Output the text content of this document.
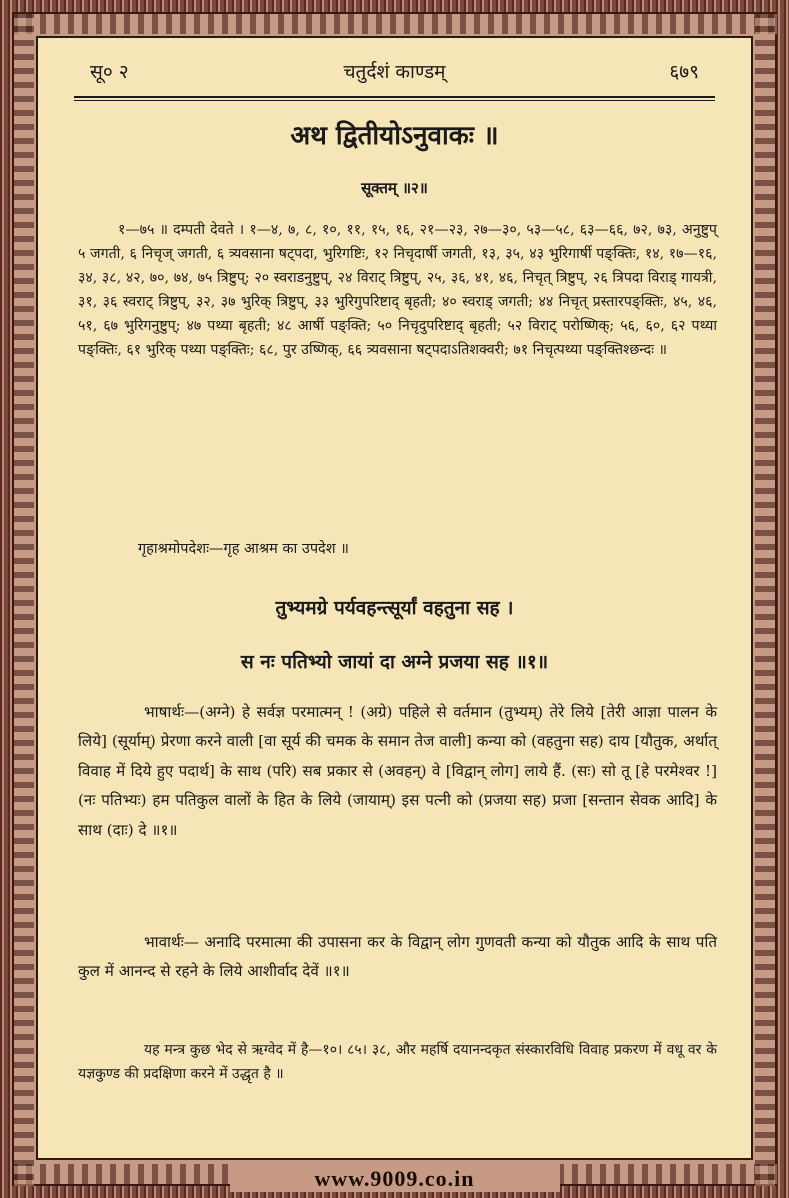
सू० २	चतुर्दशं काण्डम्	६७९
अथ द्वितीयोऽनुवाकः ॥
सूक्तम् ॥२॥

१—७५ ॥ दम्पती देवते । १—४, ७, ८, १०, ११, १५, १६, २१—२३, २७—३०, ५३—५८, ६३—६६, ७२, ७३, अनुष्टुप् ५ जगती, ६ निचृज् जगती, ६ त्र्यवसाना षट्पदा, भुरिगष्टिः, १२ निचृदार्षी जगती, १३, ३५, ४३ भुरिगार्षी पङ्क्तिः, १४, १७—१६, ३४, ३८, ४२, ७०, ७४, ७५ त्रिष्टुप्; २० स्वराडनुष्टुप्, २४ विराट् त्रिष्टुप्, २५, ३६, ४१, ४६, निचृत् त्रिष्टुप्, २६ त्रिपदा विराड् गायत्री, ३१, ३६ स्वराट् त्रिष्टुप्, ३२, ३७ भुरिक् त्रिष्टुप्, ३३ भुरिगुपरिष्टाद् बृहती; ४० स्वराड् जगती; ४४ निचृत् प्रस्तारपङ्क्तिः, ४५, ४६, ५१, ६७ भुरिगनुष्टुप्; ४७ पथ्या बृहती; ४८ आर्षी पङ्क्ति; ५० निचृदुपरिष्टाद् बृहती; ५२ विराट् परोष्णिक्; ५६, ६०, ६२ पथ्या पङ्क्तिः, ६१ भुरिक् पथ्या पङ्क्तिः; ६८, पुर उष्णिक्, ६६ त्र्यवसाना षट्पदाऽतिशक्वरी; ७१ निचृत्पथ्या पङ्क्तिश्छन्दः ॥

गृहाश्रमोपदेशः—गृह आश्रम का उपदेश ॥
तुभ्यमग्रे पर्यवहन्त्सूर्यां वहतुना सह ।
स नः पतिभ्यो जायां दा अग्ने प्रजया सह ॥१॥

भाषार्थः—(अग्ने) हे सर्वज्ञ परमात्मन् ! (अग्रे) पहिले से वर्तमान (तुभ्यम्) तेरे लिये [तेरी आज्ञा पालन के लिये] (सूर्याम्) प्रेरणा करने वाली [वा सूर्य की चमक के समान तेज वाली] कन्या को (वहतुना सह) दाय [यौतुक, अर्थात् विवाह में दिये हुए पदार्थ] के साथ (परि) सब प्रकार से (अवहन्) वे [विद्वान् लोग] लाये हैं. (सः) सो तू [हे परमेश्वर !] (नः पतिभ्यः) हम पतिकुल वालों के हित के लिये (जायाम्) इस पत्नी को (प्रजया सह) प्रजा [सन्तान सेवक आदि] के साथ (दाः) दे ॥१॥

भावार्थः— अनादि परमात्मा की उपासना कर के विद्वान् लोग गुणवती कन्या को यौतुक आदि के साथ पति कुल में आनन्द से रहने के लिये आशीर्वाद देवें ॥१॥

यह मन्त्र कुछ भेद से ऋग्वेद में है—१०। ८५। ३८, और महर्षि दयानन्दकृत संस्कारविधि विवाह प्रकरण में वधू वर के यज्ञकुण्ड की प्रदक्षिणा करने में उद्धृत है ॥

www.9009.co.in
